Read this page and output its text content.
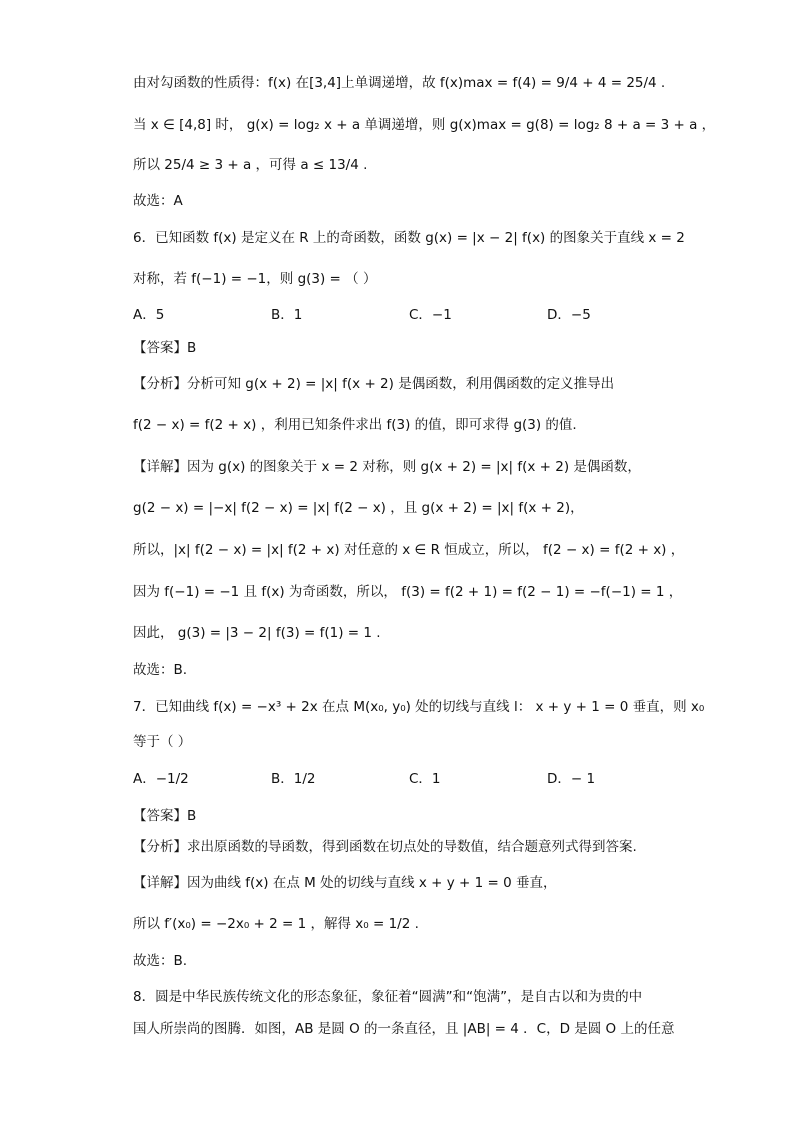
由对勾函数的性质得：f(x) 在[3,4]上单调递增，故 f(x)max = f(4) = 9/4 + 4 = 25/4 .
当 x ∈ [4,8] 时， g(x) = log₂ x + a 单调递增，则 g(x)max = g(8) = log₂ 8 + a = 3 + a ，
所以 25/4 ≥ 3 + a ，可得 a ≤ 13/4 .
故选：A
6．已知函数 f(x) 是定义在 R 上的奇函数，函数 g(x) = |x − 2| f(x) 的图象关于直线 x = 2
对称，若 f(−1) = −1，则 g(3) = （ ）
A．5	B．1	C．−1	D．−5
【答案】B
【分析】分析可知 g(x + 2) = |x| f(x + 2) 是偶函数，利用偶函数的定义推导出
f(2 − x) = f(2 + x) ，利用已知条件求出 f(3) 的值，即可求得 g(3) 的值.
【详解】因为 g(x) 的图象关于 x = 2 对称，则 g(x + 2) = |x| f(x + 2) 是偶函数，
g(2 − x) = |−x| f(2 − x) = |x| f(2 − x) ，且 g(x + 2) = |x| f(x + 2)，
所以，|x| f(2 − x) = |x| f(2 + x) 对任意的 x ∈ R 恒成立，所以， f(2 − x) = f(2 + x) ，
因为 f(−1) = −1 且 f(x) 为奇函数，所以， f(3) = f(2 + 1) = f(2 − 1) = −f(−1) = 1 ，
因此， g(3) = |3 − 2| f(3) = f(1) = 1 .
故选：B.
7．已知曲线 f(x) = −x³ + 2x 在点 M(x₀, y₀) 处的切线与直线 l： x + y + 1 = 0 垂直，则 x₀
等于（ ）
A．−1/2	B．1/2	C．1	D．− 1
【答案】B
【分析】求出原函数的导函数，得到函数在切点处的导数值，结合题意列式得到答案.
【详解】因为曲线 f(x) 在点 M 处的切线与直线 x + y + 1 = 0 垂直，
所以 f′(x₀) = −2x₀ + 2 = 1 ，解得 x₀ = 1/2 .
故选：B.
8．圆是中华民族传统文化的形态象征，象征着“圆满”和“饱满”，是自古以和为贵的中
国人所崇尚的图腾．如图，AB 是圆 O 的一条直径，且 |AB| = 4 ．C，D 是圆 O 上的任意
